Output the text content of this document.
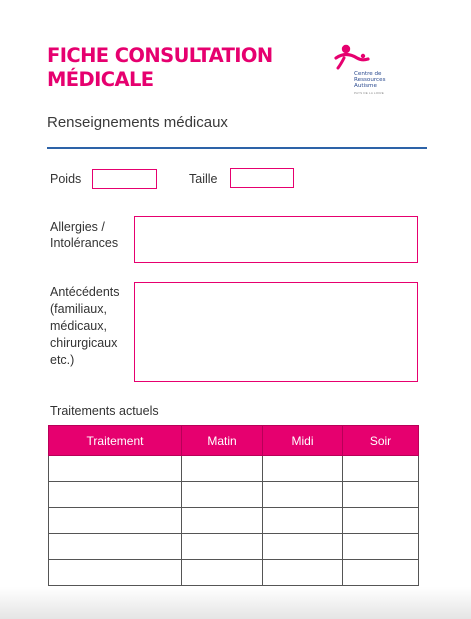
FICHE CONSULTATION
MÉDICALE	Centre de
Ressources
Autisme
PAYS DE LA LOIRE
Renseignements médicaux
Poids	Taille
Allergies /
Intolérances
Antécédents
(familiaux,
médicaux,
chirurgicaux
etc.)
Traitements actuels
Traitement	Matin	Midi	Soir
